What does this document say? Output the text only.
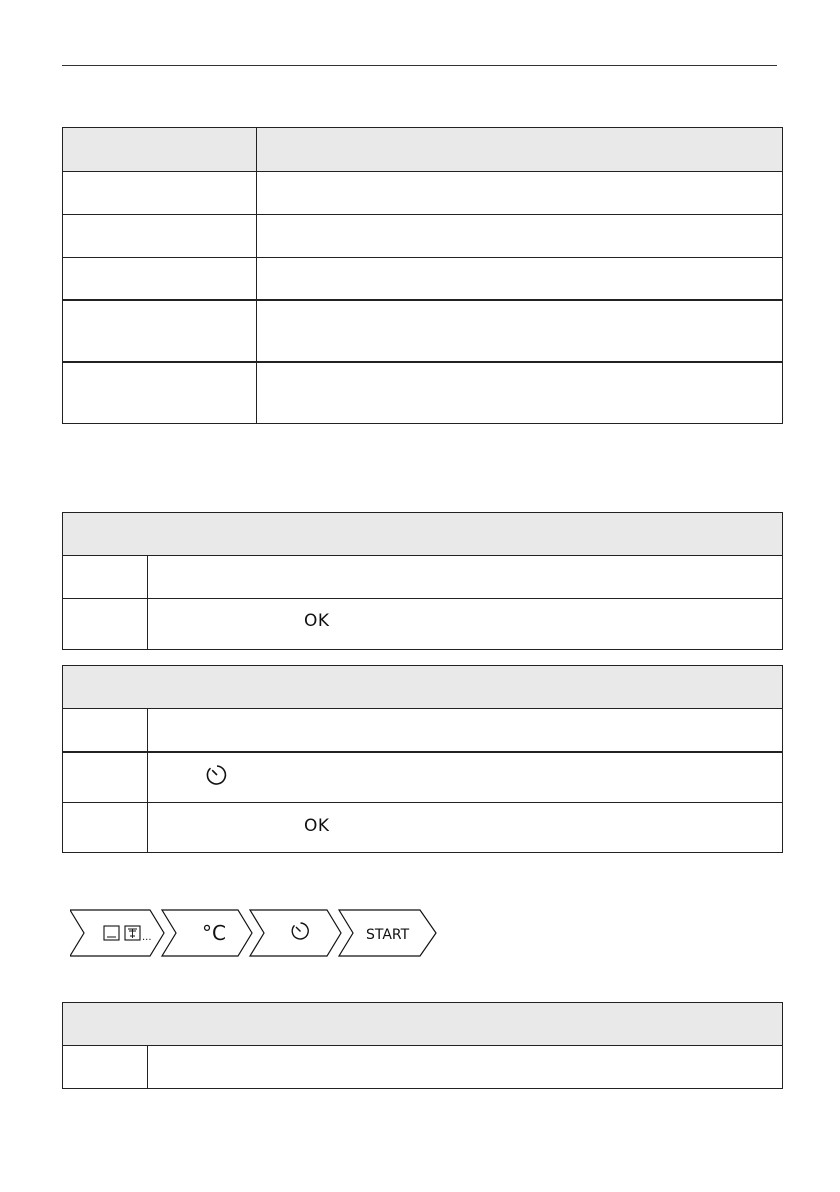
OK

OK
...	°C	START
